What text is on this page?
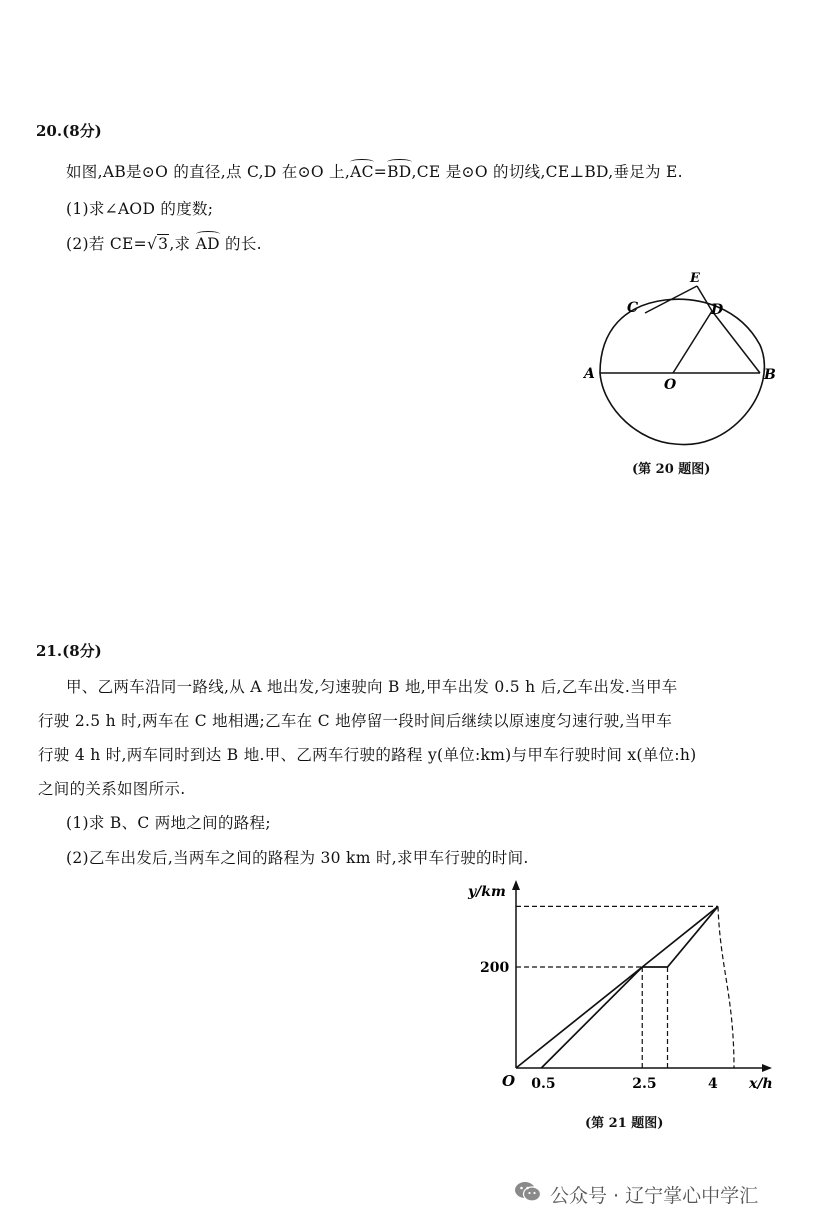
20.(8分)
如图,AB是⊙O 的直径,点 C,D 在⊙O 上,AC=BD,CE 是⊙O 的切线,CE⊥BD,垂足为 E.
(1)求∠AOD 的度数;
(2)若 CE=√3,求 AD 的长.
A	B
C	D
E
O
(第 20 题图)
21.(8分)
甲、乙两车沿同一路线,从 A 地出发,匀速驶向 B 地,甲车出发 0.5 h 后,乙车出发.当甲车
行驶 2.5 h 时,两车在 C 地相遇;乙车在 C 地停留一段时间后继续以原速度匀速行驶,当甲车
行驶 4 h 时,两车同时到达 B 地.甲、乙两车行驶的路程 y(单位:km)与甲车行驶时间 x(单位:h)
之间的关系如图所示.
(1)求 B、C 两地之间的路程;
(2)乙车出发后,当两车之间的路程为 30 km 时,求甲车行驶的时间.
y/km
x/h
O 0.5	2.5	4
200
(第 21 题图)
公众号 · 辽宁掌心中学汇
